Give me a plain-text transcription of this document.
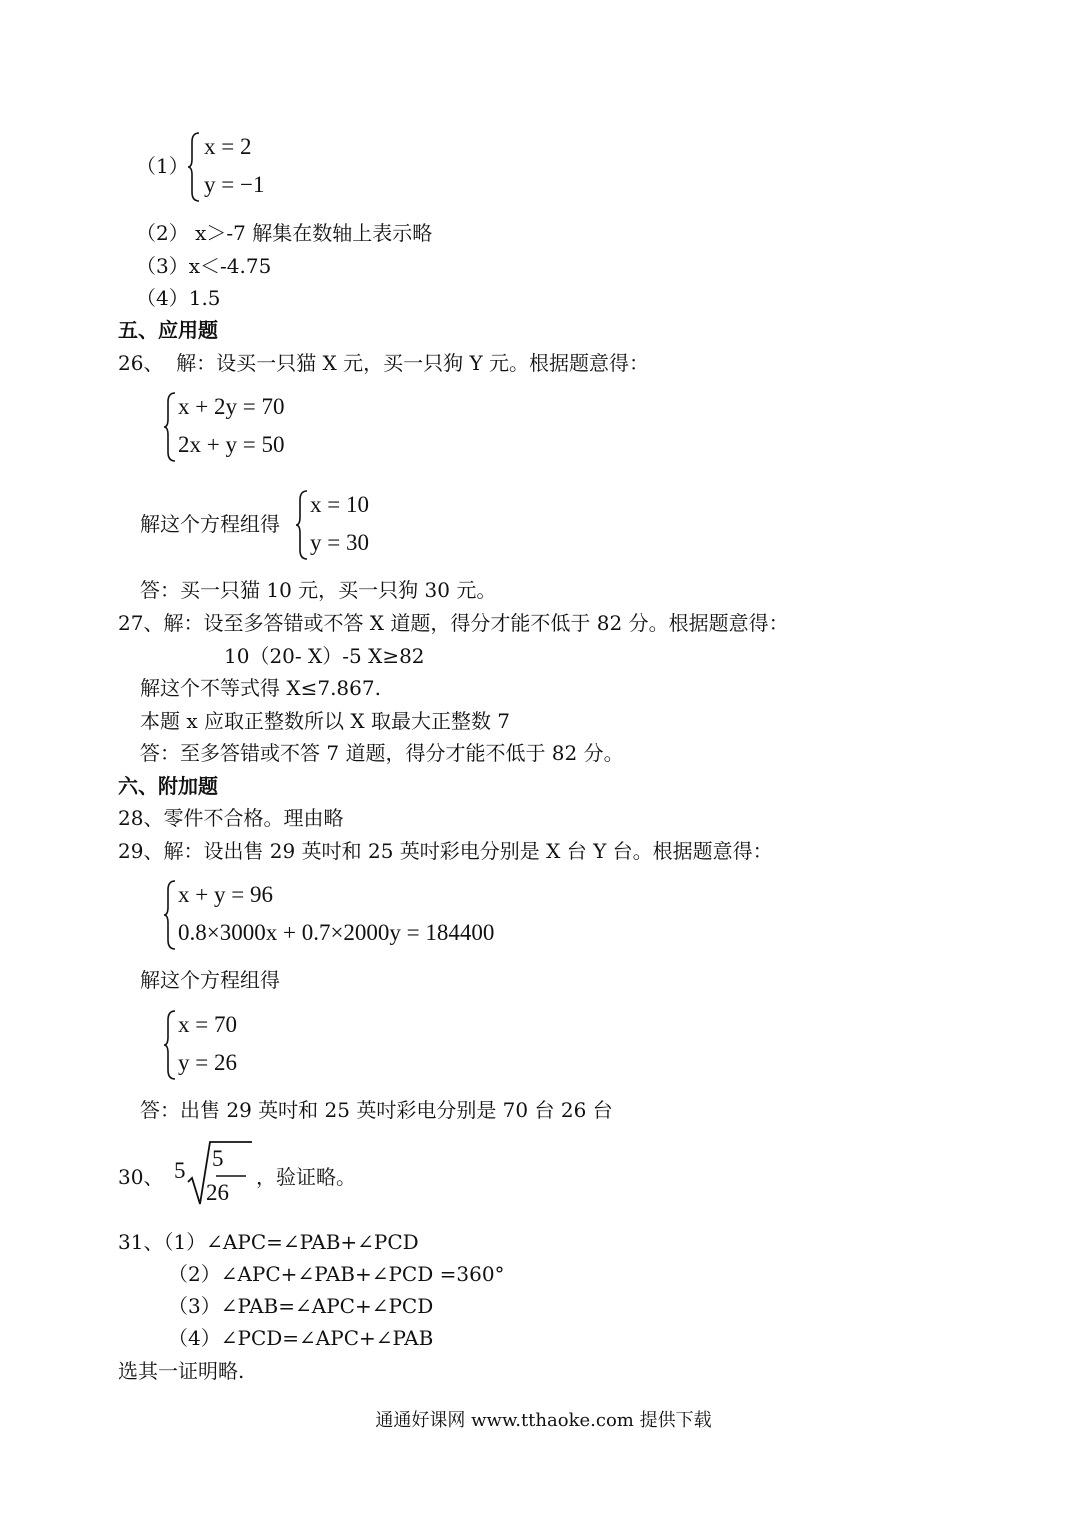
（1）
x = 2
y = −1
（2） x＞-7 解集在数轴上表示略
（3）x＜-4.75
（4）1.5
五、应用题
26、  解：设买一只猫 X 元，买一只狗 Y 元。根据题意得：
x + 2y = 70
2x + y = 50
解这个方程组得
x = 10
y = 30
答：买一只猫 10 元，买一只狗 30 元。
27、解：设至多答错或不答 X 道题，得分才能不低于 82 分。根据题意得：
10（20- X）-5 X≥82
解这个不等式得 X≤7.867.
本题 x 应取正整数所以 X 取最大正整数 7
答：至多答错或不答 7 道题，得分才能不低于 82 分。
六、附加题
28、零件不合格。理由略
29、解：设出售 29 英吋和 25 英吋彩电分别是 X 台 Y 台。根据题意得：
x + y = 96
0.8×3000x + 0.7×2000y = 184400
解这个方程组得
x = 70
y = 26
答：出售 29 英吋和 25 英吋彩电分别是 70 台 26 台
30、 5 5
26
，验证略。
31、（1）∠APC=∠PAB+∠PCD
（2）∠APC+∠PAB+∠PCD =360°
（3）∠PAB=∠APC+∠PCD
（4）∠PCD=∠APC+∠PAB
选其一证明略.
通通好课网 www.tthaoke.com 提供下载
